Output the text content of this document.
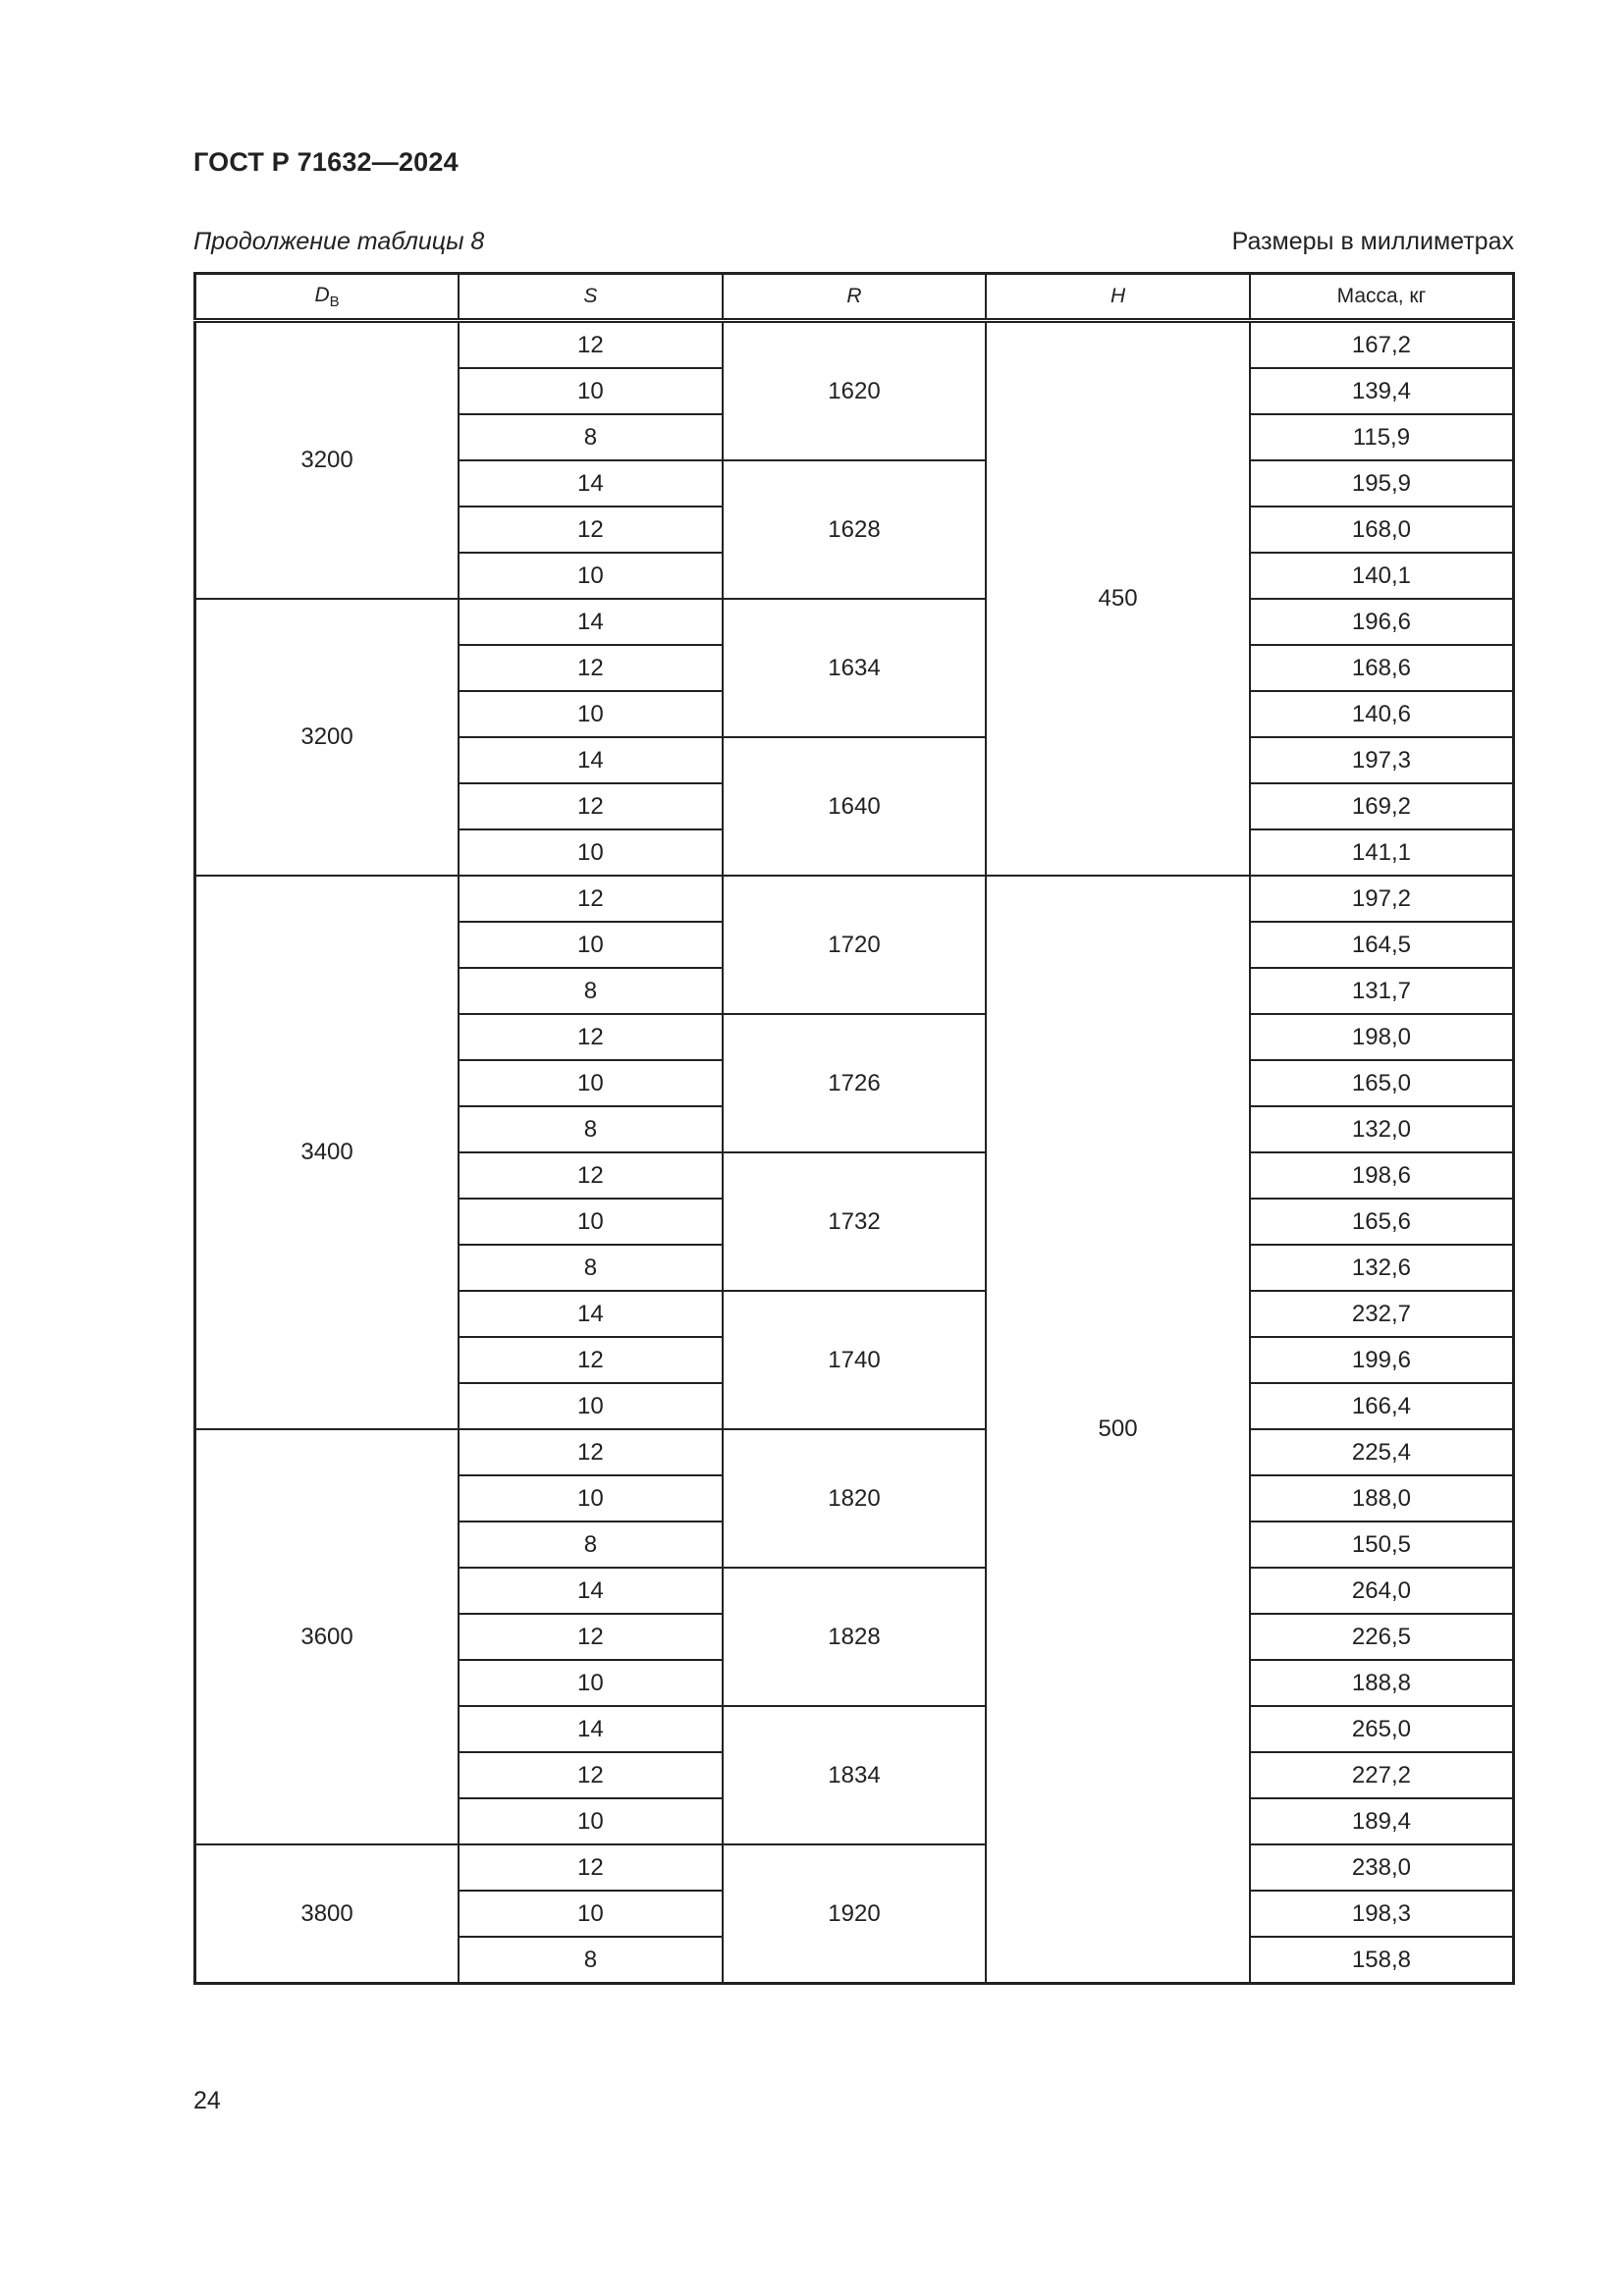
ГОСТ Р 71632—2024
Продолжение таблицы 8	Размеры в миллиметрах
$D_B$	S	R	H	Масса, кг
3200	12	1620	450	167,2
	10			139,4
	8			115,9
	14	1628		195,9
	12			168,0
	10			140,1
3200	14	1634		196,6
	12			168,6
	10			140,6
	14	1640		197,3
	12			169,2
	10			141,1
3400	12	1720	500	197,2
	10			164,5
	8			131,7
	12	1726		198,0
	10			165,0
	8			132,0
	12	1732		198,6
	10			165,6
	8			132,6
	14	1740		232,7
	12			199,6
	10			166,4
3600	12	1820		225,4
	10			188,0
	8			150,5
	14	1828		264,0
	12			226,5
	10			188,8
	14	1834		265,0
	12			227,2
	10			189,4
3800	12	1920		238,0
	10			198,3
	8			158,8
24
